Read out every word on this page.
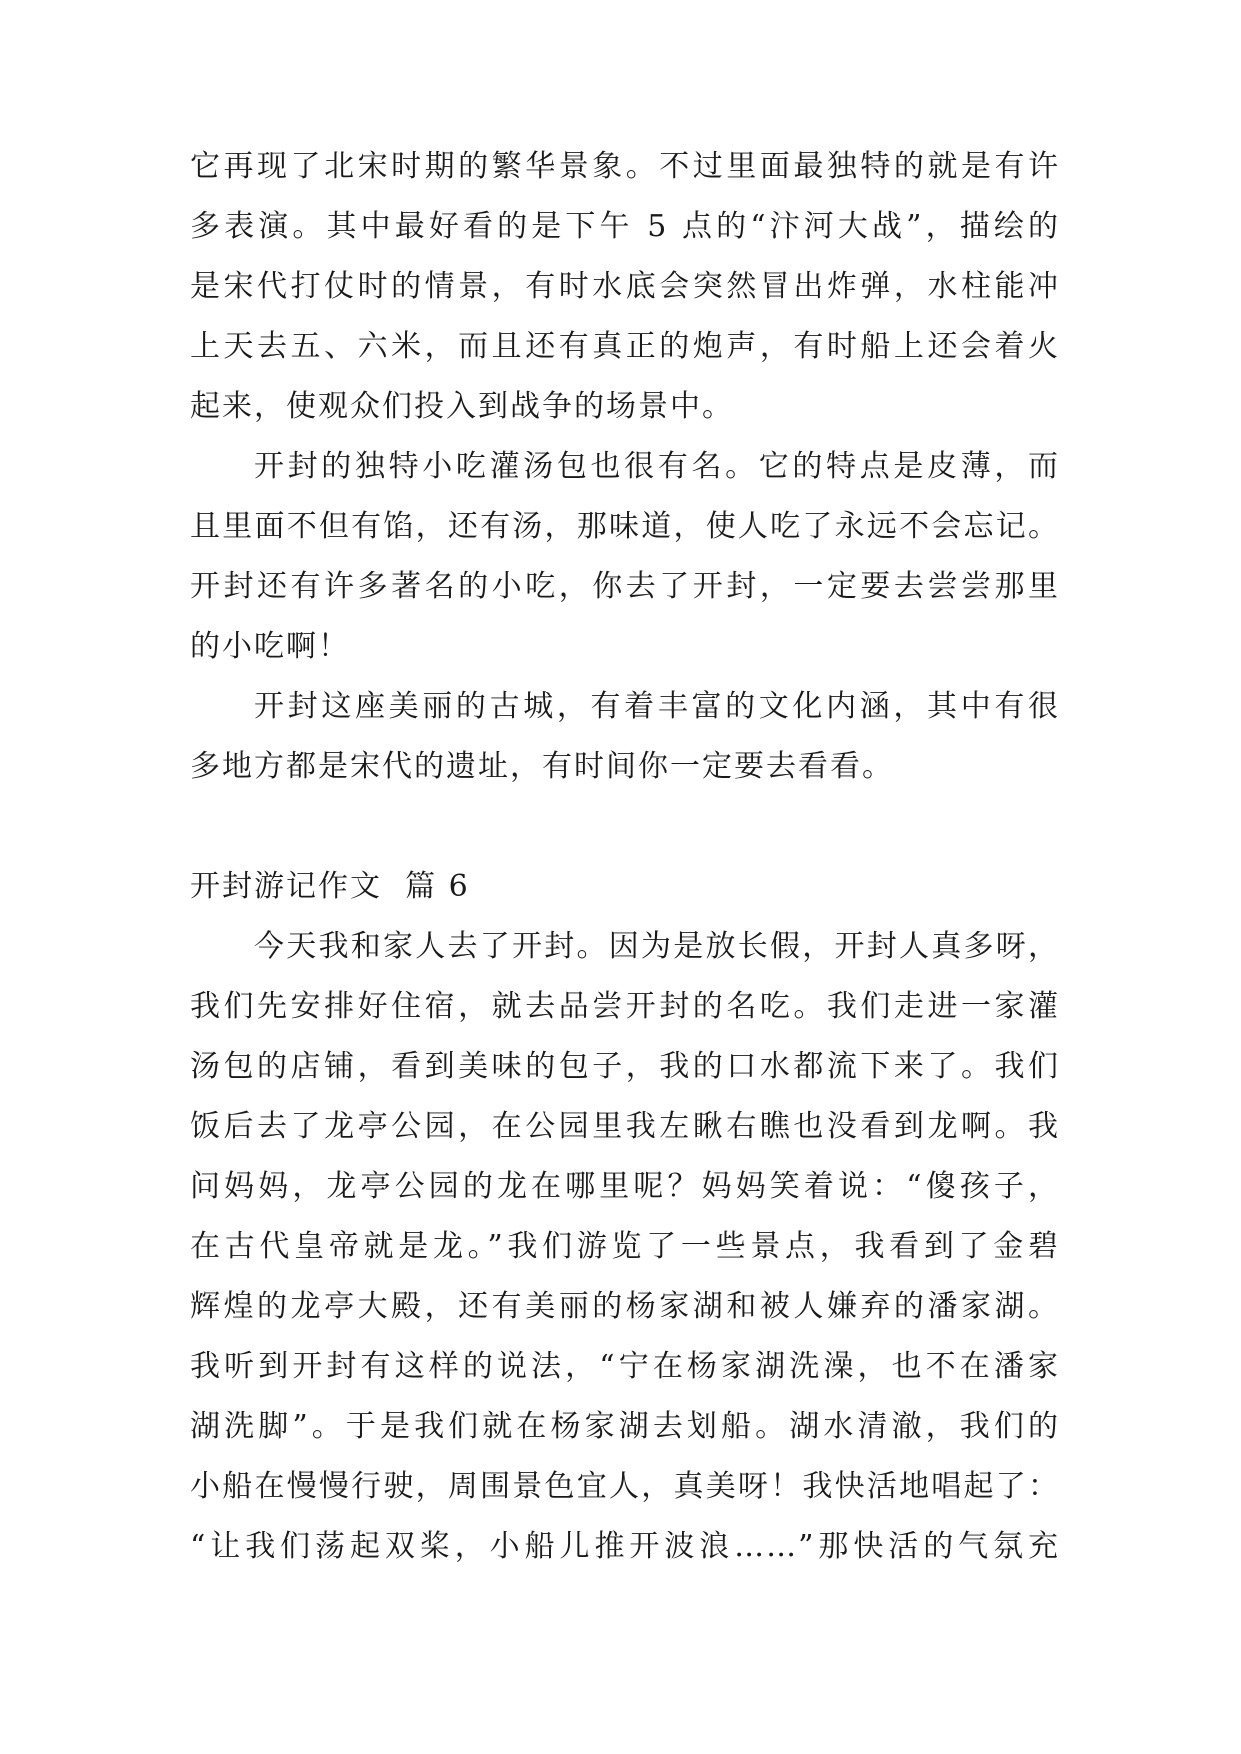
它再现了北宋时期的繁华景象。不过里面最独特的就是有许
多表演。其中最好看的是下午 5 点的“汴河大战”，描绘的
是宋代打仗时的情景，有时水底会突然冒出炸弹，水柱能冲
上天去五、六米，而且还有真正的炮声，有时船上还会着火
起来，使观众们投入到战争的场景中。
开封的独特小吃灌汤包也很有名。它的特点是皮薄，而
且里面不但有馅，还有汤，那味道，使人吃了永远不会忘记。
开封还有许多著名的小吃，你去了开封，一定要去尝尝那里
的小吃啊！
开封这座美丽的古城，有着丰富的文化内涵，其中有很
多地方都是宋代的遗址，有时间你一定要去看看。
开封游记作文  篇 6
今天我和家人去了开封。因为是放长假，开封人真多呀，
我们先安排好住宿，就去品尝开封的名吃。我们走进一家灌
汤包的店铺，看到美味的包子，我的口水都流下来了。我们
饭后去了龙亭公园，在公园里我左瞅右瞧也没看到龙啊。我
问妈妈，龙亭公园的龙在哪里呢？妈妈笑着说：“傻孩子，
在古代皇帝就是龙。”我们游览了一些景点，我看到了金碧
辉煌的龙亭大殿，还有美丽的杨家湖和被人嫌弃的潘家湖。
我听到开封有这样的说法，“宁在杨家湖洗澡，也不在潘家
湖洗脚”。于是我们就在杨家湖去划船。湖水清澈，我们的
小船在慢慢行驶，周围景色宜人，真美呀！我快活地唱起了：
“让我们荡起双桨，小船儿推开波浪……”那快活的气氛充
